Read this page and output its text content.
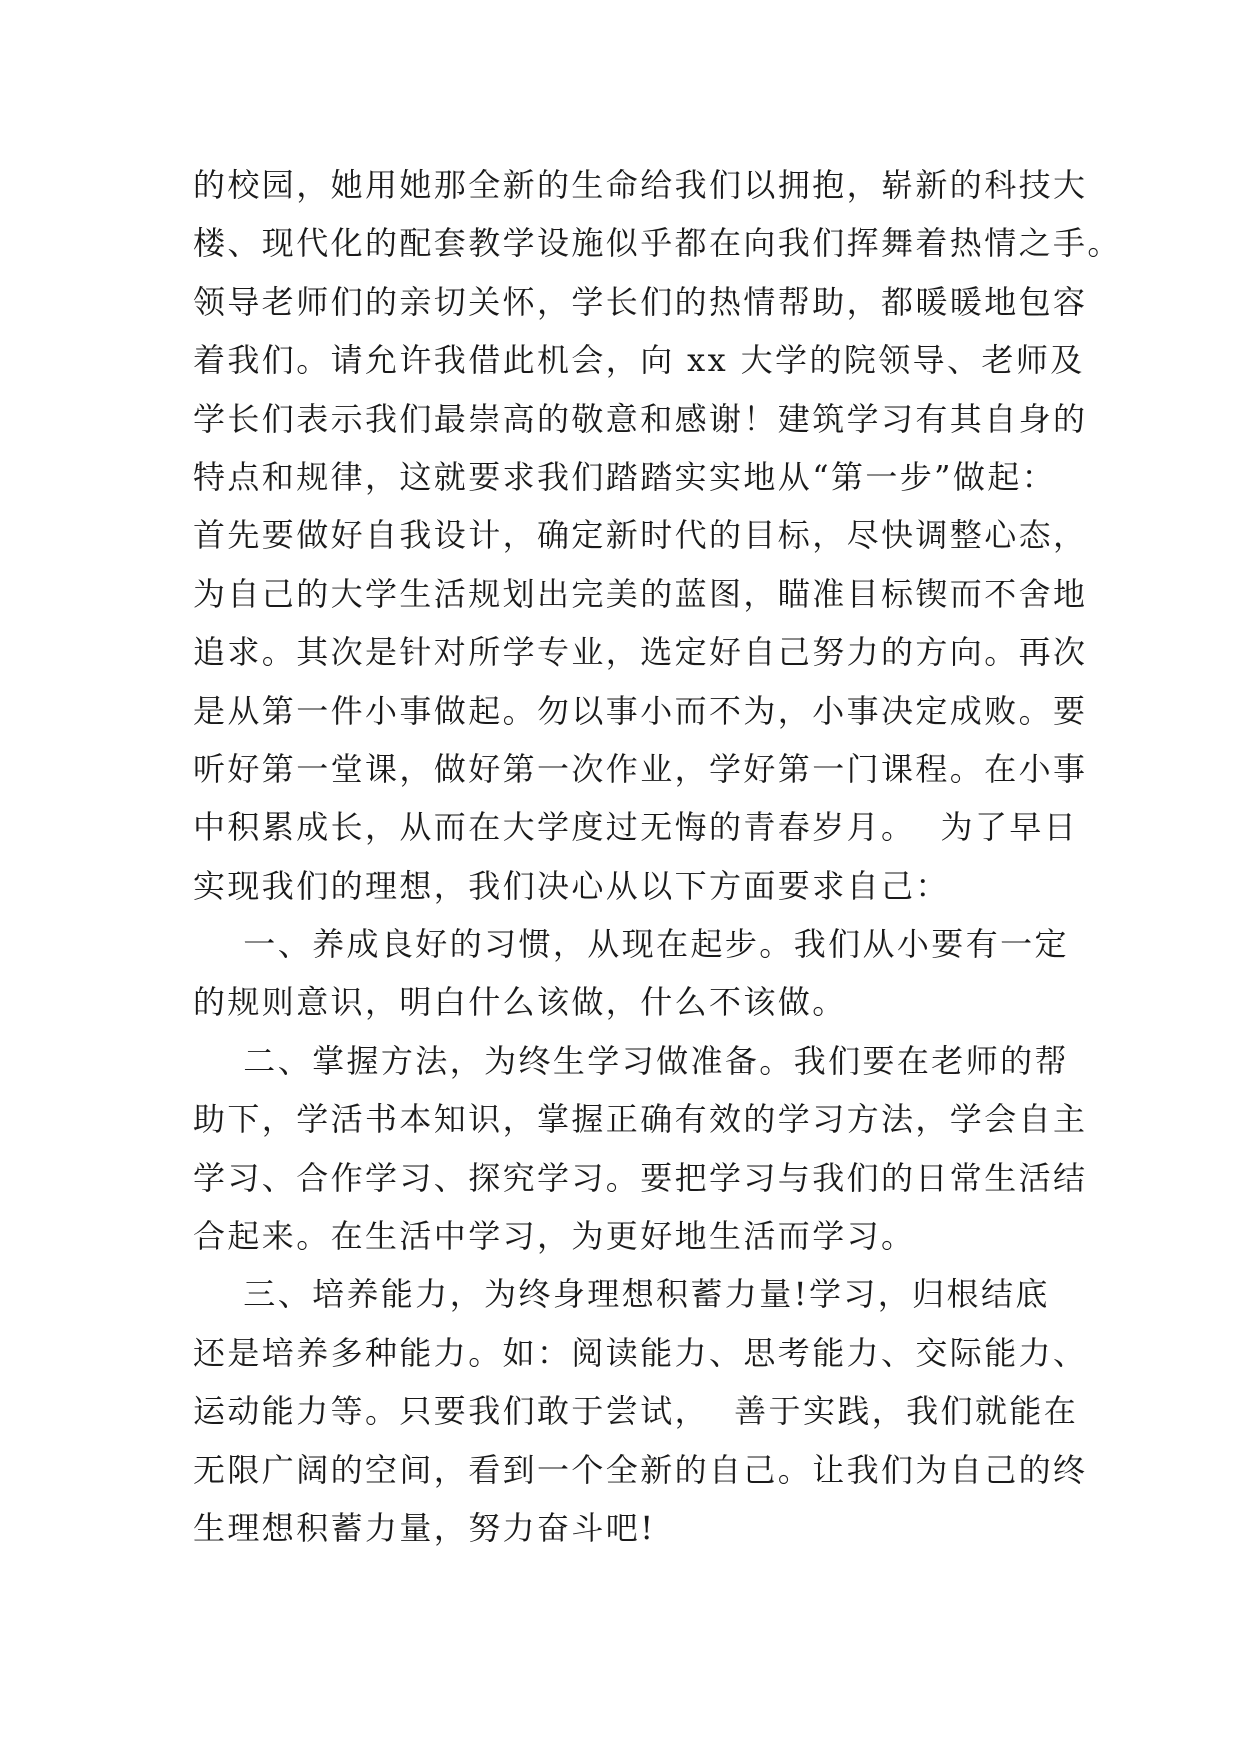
的校园，她用她那全新的生命给我们以拥抱，崭新的科技大
楼、现代化的配套教学设施似乎都在向我们挥舞着热情之手。
领导老师们的亲切关怀，学长们的热情帮助，都暖暖地包容
着我们。请允许我借此机会，向 xx 大学的院领导、老师及
学长们表示我们最崇高的敬意和感谢！建筑学习有其自身的
特点和规律，这就要求我们踏踏实实地从“第一步”做起：
首先要做好自我设计，确定新时代的目标，尽快调整心态，
为自己的大学生活规划出完美的蓝图，瞄准目标锲而不舍地
追求。其次是针对所学专业，选定好自己努力的方向。再次
是从第一件小事做起。勿以事小而不为，小事决定成败。要
听好第一堂课，做好第一次作业，学好第一门课程。在小事
中积累成长，从而在大学度过无悔的青春岁月。  为了早日
实现我们的理想，我们决心从以下方面要求自己：
一、养成良好的习惯，从现在起步。我们从小要有一定
的规则意识，明白什么该做，什么不该做。
二、掌握方法，为终生学习做准备。我们要在老师的帮
助下，学活书本知识，掌握正确有效的学习方法，学会自主
学习、合作学习、探究学习。要把学习与我们的日常生活结
合起来。在生活中学习，为更好地生活而学习。
三、培养能力，为终身理想积蓄力量!学习，归根结底
还是培养多种能力。如：阅读能力、思考能力、交际能力、
运动能力等。只要我们敢于尝试，  善于实践，我们就能在
无限广阔的空间，看到一个全新的自己。让我们为自己的终
生理想积蓄力量，努力奋斗吧!
